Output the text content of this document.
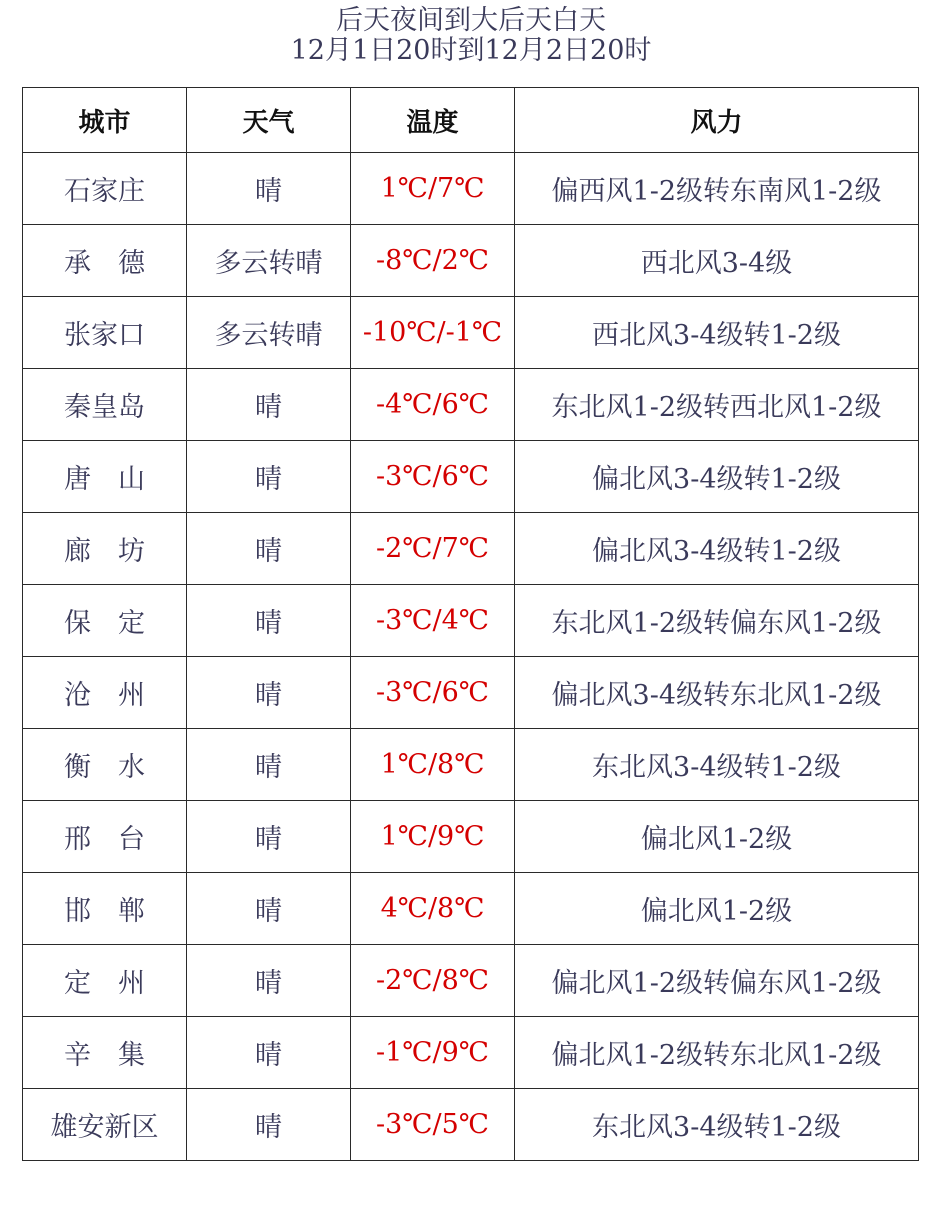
后天夜间到大后天白天
12月1日20时到12月2日20时
城市	天气	温度	风力
石家庄	晴	1℃/7℃	偏西风1-2级转东南风1-2级
承　德	多云转晴	-8℃/2℃	西北风3-4级
张家口	多云转晴	-10℃/-1℃	西北风3-4级转1-2级
秦皇岛	晴	-4℃/6℃	东北风1-2级转西北风1-2级
唐　山	晴	-3℃/6℃	偏北风3-4级转1-2级
廊　坊	晴	-2℃/7℃	偏北风3-4级转1-2级
保　定	晴	-3℃/4℃	东北风1-2级转偏东风1-2级
沧　州	晴	-3℃/6℃	偏北风3-4级转东北风1-2级
衡　水	晴	1℃/8℃	东北风3-4级转1-2级
邢　台	晴	1℃/9℃	偏北风1-2级
邯　郸	晴	4℃/8℃	偏北风1-2级
定　州	晴	-2℃/8℃	偏北风1-2级转偏东风1-2级
辛　集	晴	-1℃/9℃	偏北风1-2级转东北风1-2级
雄安新区	晴	-3℃/5℃	东北风3-4级转1-2级
